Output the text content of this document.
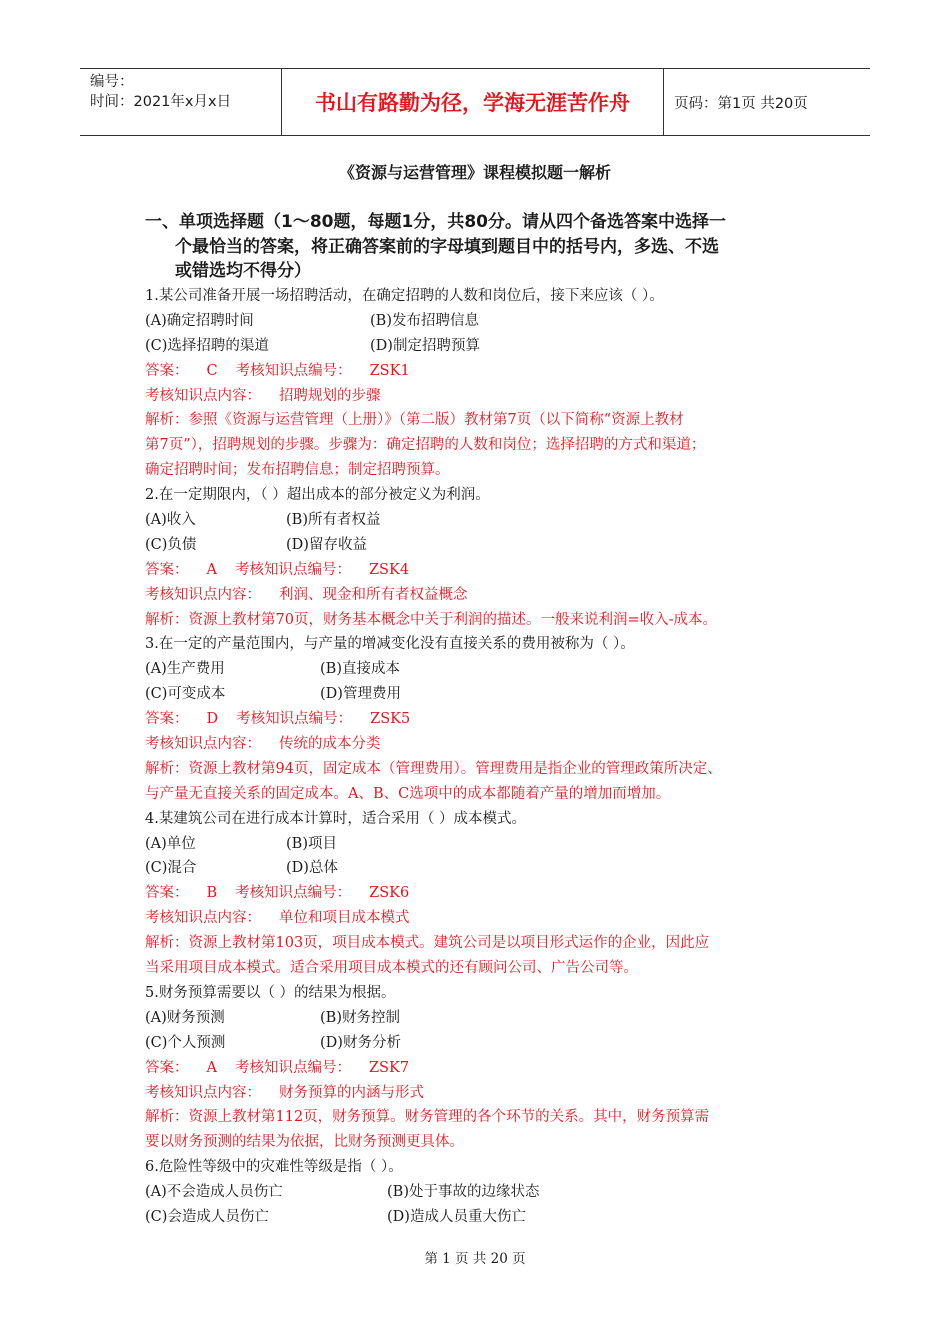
编号：
时间：2021年x月x日	书山有路勤为径，学海无涯苦作舟	页码：第1页 共20页
《资源与运营管理》课程模拟题一解析
一、单项选择题（1～80题，每题1分，共80分。请从四个备选答案中选择一
个最恰当的答案，将正确答案前的字母填到题目中的括号内，多选、不选
或错选均不得分）
1.某公司准备开展一场招聘活动，在确定招聘的人数和岗位后，接下来应该（ ）。
(A)确定招聘时间	(B)发布招聘信息
(C)选择招聘的渠道	(D)制定招聘预算
答案： C 考核知识点编号： ZSK1
考核知识点内容： 招聘规划的步骤
解析：参照《资源与运营管理（上册）》（第二版）教材第7页（以下简称“资源上教材
第7页”），招聘规划的步骤。步骤为：确定招聘的人数和岗位；选择招聘的方式和渠道；
确定招聘时间；发布招聘信息；制定招聘预算。
2.在一定期限内，（ ）超出成本的部分被定义为利润。
(A)收入	(B)所有者权益
(C)负债	(D)留存收益
答案： A 考核知识点编号： ZSK4
考核知识点内容： 利润、现金和所有者权益概念
解析：资源上教材第70页，财务基本概念中关于利润的描述。一般来说利润=收入-成本。
3.在一定的产量范围内，与产量的增减变化没有直接关系的费用被称为（ ）。
(A)生产费用	(B)直接成本
(C)可变成本	(D)管理费用
答案： D 考核知识点编号： ZSK5
考核知识点内容： 传统的成本分类
解析：资源上教材第94页，固定成本（管理费用）。管理费用是指企业的管理政策所决定、
与产量无直接关系的固定成本。A、B、C选项中的成本都随着产量的增加而增加。
4.某建筑公司在进行成本计算时，适合采用（ ）成本模式。
(A)单位	(B)项目
(C)混合	(D)总体
答案： B 考核知识点编号： ZSK6
考核知识点内容： 单位和项目成本模式
解析：资源上教材第103页，项目成本模式。建筑公司是以项目形式运作的企业，因此应
当采用项目成本模式。适合采用项目成本模式的还有顾问公司、广告公司等。
5.财务预算需要以（ ）的结果为根据。
(A)财务预测	(B)财务控制
(C)个人预测	(D)财务分析
答案： A 考核知识点编号： ZSK7
考核知识点内容： 财务预算的内涵与形式
解析：资源上教材第112页，财务预算。财务管理的各个环节的关系。其中，财务预算需
要以财务预测的结果为依据，比财务预测更具体。
6.危险性等级中的灾难性等级是指（ ）。
(A)不会造成人员伤亡	(B)处于事故的边缘状态
(C)会造成人员伤亡	(D)造成人员重大伤亡
第 1 页 共 20 页
